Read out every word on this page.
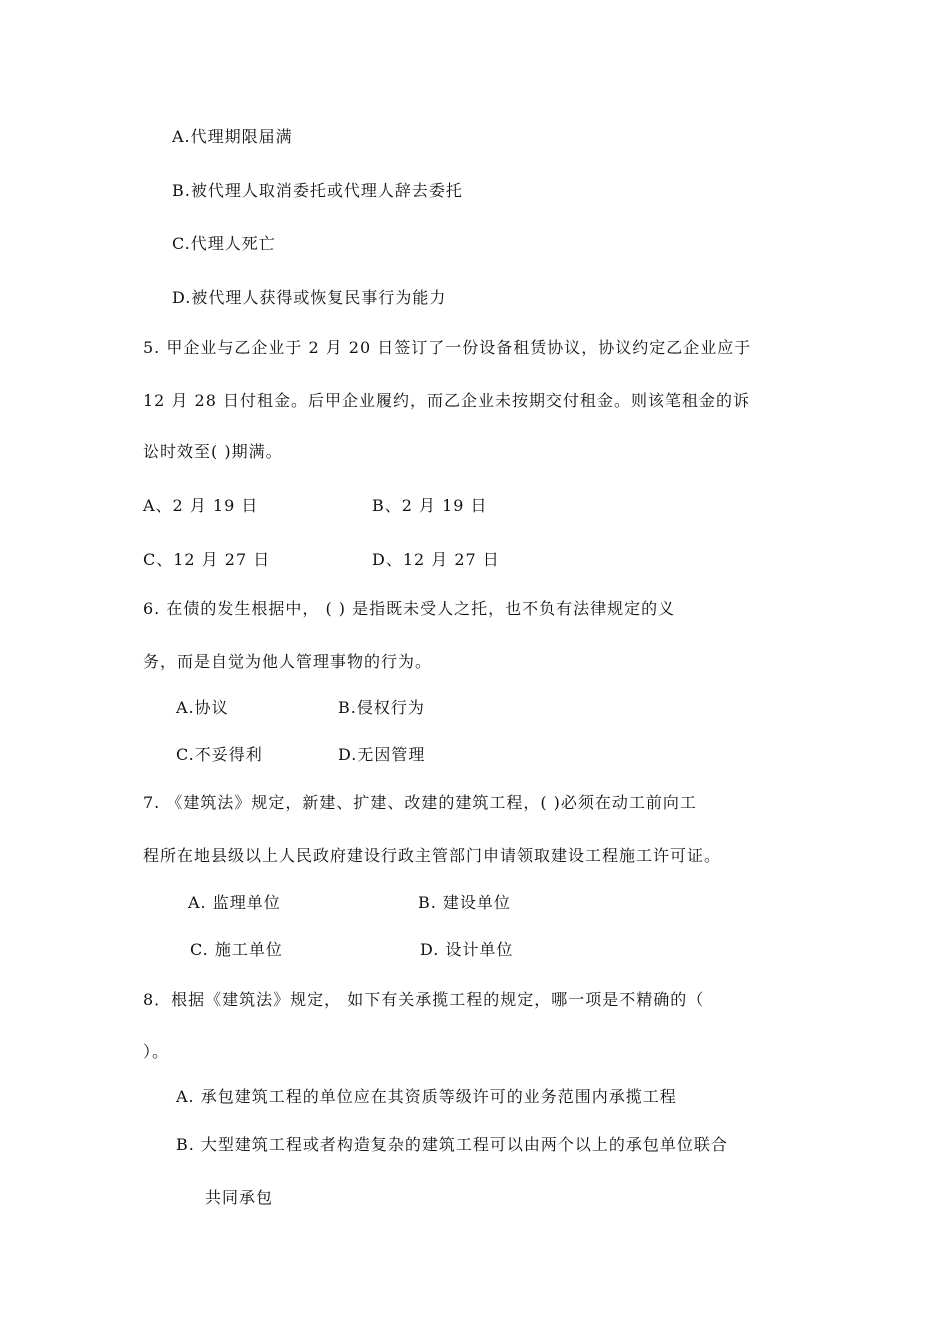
A.代理期限届满
B.被代理人取消委托或代理人辞去委托
C.代理人死亡
D.被代理人获得或恢复民事行为能力
5. 甲企业与乙企业于 2 月 20 日签订了一份设备租赁协议，协议约定乙企业应于
12 月 28 日付租金。后甲企业履约，而乙企业未按期交付租金。则该笔租金的诉
讼时效至( )期满。
A、2 月 19 日	B、2 月 19 日
C、12 月 27 日	D、12 月 27 日
6. 在债的发生根据中， ( ) 是指既未受人之托，也不负有法律规定的义
务，而是自觉为他人管理事物的行为。
A.协议	B.侵权行为
C.不妥得利	D.无因管理
7. 《建筑法》规定，新建、扩建、改建的建筑工程，( )必须在动工前向工
程所在地县级以上人民政府建设行政主管部门申请领取建设工程施工许可证。
A. 监理单位	B. 建设单位
C. 施工单位	D. 设计单位
8．根据《建筑法》规定， 如下有关承揽工程的规定，哪一项是不精确的（
）。
A. 承包建筑工程的单位应在其资质等级许可的业务范围内承揽工程
B. 大型建筑工程或者构造复杂的建筑工程可以由两个以上的承包单位联合
共同承包
